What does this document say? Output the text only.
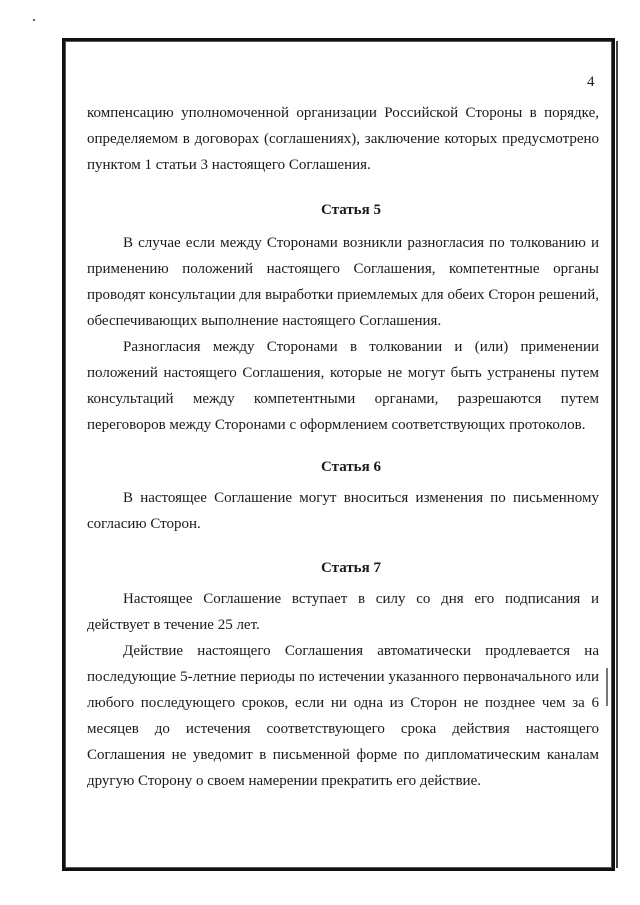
4

компенсацию уполномоченной организации Российской Стороны в порядке, определяемом в договорах (соглашениях), заключение которых предусмотрено пунктом 1 статьи 3 настоящего Соглашения.

Статья 5

В случае если между Сторонами возникли разногласия по толкованию и применению положений настоящего Соглашения, компетентные органы проводят консультации для выработки приемлемых для обеих Сторон решений, обеспечивающих выполнение настоящего Соглашения.

Разногласия между Сторонами в толковании и (или) применении положений настоящего Соглашения, которые не могут быть устранены путем консультаций между компетентными органами, разрешаются путем переговоров между Сторонами с оформлением соответствующих протоколов.

Статья 6

В настоящее Соглашение могут вноситься изменения по письменному согласию Сторон.

Статья 7

Настоящее Соглашение вступает в силу со дня его подписания и действует в течение 25 лет.

Действие настоящего Соглашения автоматически продлевается на последующие 5-летние периоды по истечении указанного первоначального или любого последующего сроков, если ни одна из Сторон не позднее чем за 6 месяцев до истечения соответствующего срока действия настоящего Соглашения не уведомит в письменной форме по дипломатическим каналам другую Сторону о своем намерении прекратить его действие.
